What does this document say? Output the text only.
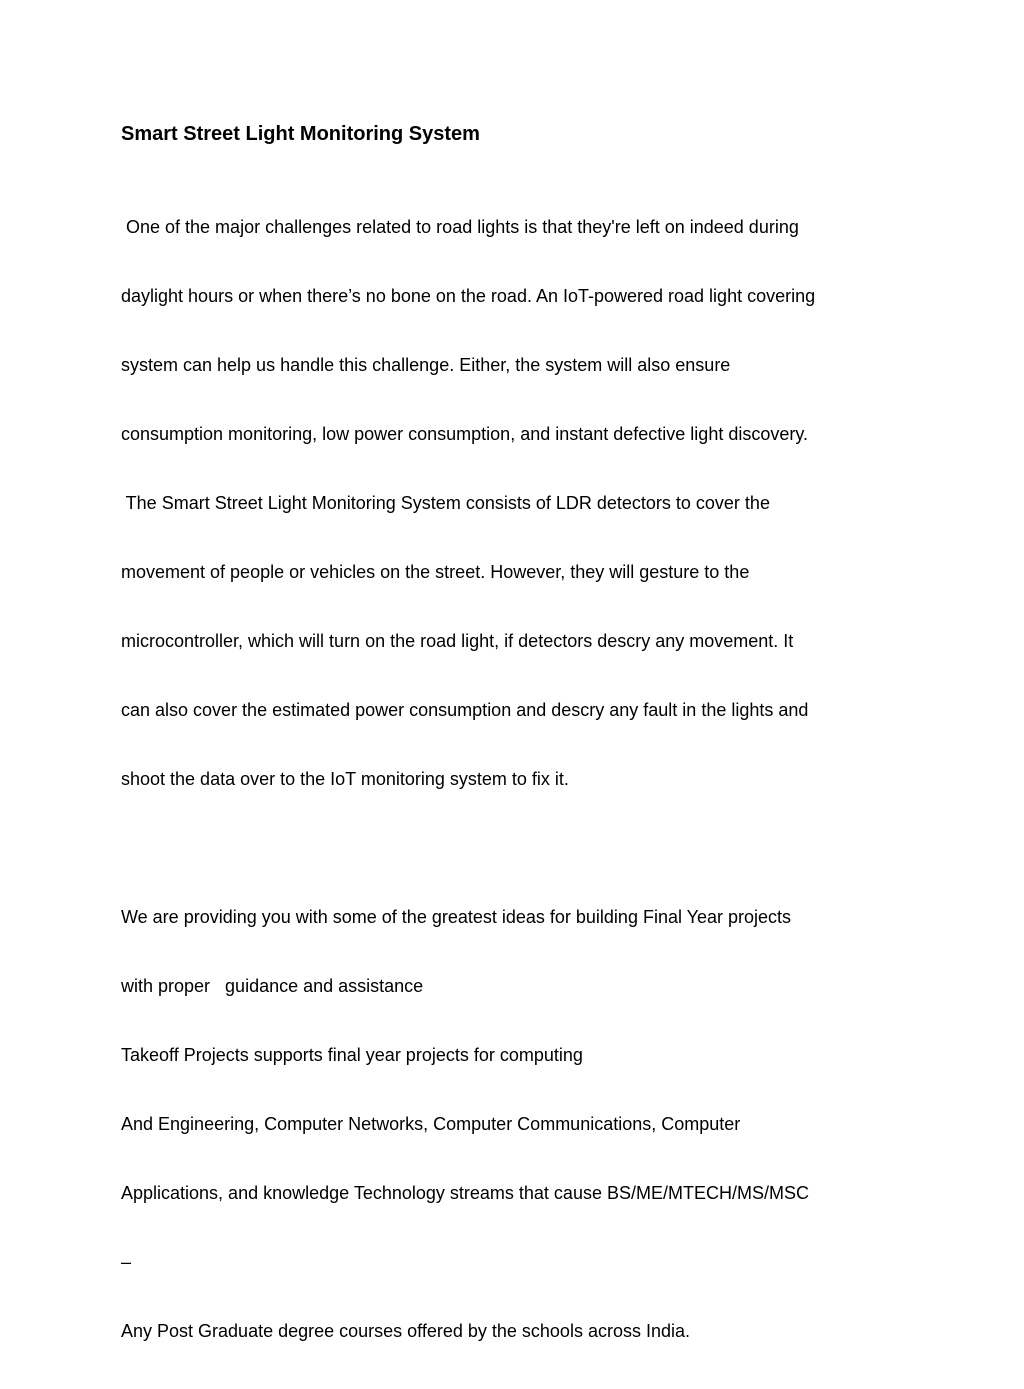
Smart Street Light Monitoring System

One of the major challenges related to road lights is that they're left on indeed during

daylight hours or when there’s no bone on the road. An IoT-powered road light covering

system can help us handle this challenge. Either, the system will also ensure

consumption monitoring, low power consumption, and instant defective light discovery.

The Smart Street Light Monitoring System consists of LDR detectors to cover the

movement of people or vehicles on the street. However, they will gesture to the

microcontroller, which will turn on the road light, if detectors descry any movement. It

can also cover the estimated power consumption and descry any fault in the lights and

shoot the data over to the IoT monitoring system to fix it.

We are providing you with some of the greatest ideas for building Final Year projects

with proper   guidance and assistance

Takeoff Projects supports final year projects for computing

And Engineering, Computer Networks, Computer Communications, Computer

Applications, and knowledge Technology streams that cause BS/ME/MTECH/MS/MSC

–

Any Post Graduate degree courses offered by the schools across India.
